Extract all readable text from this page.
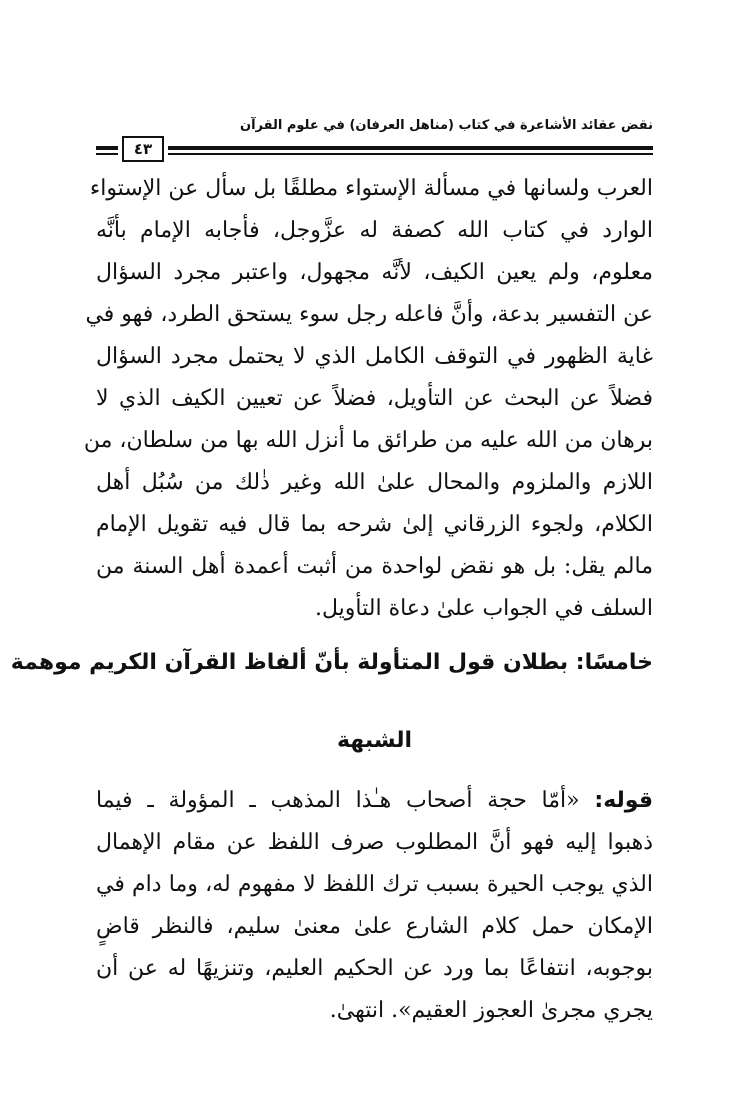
نقض عقائد الأشاعرة في كتاب (مناهل العرفان) في علوم القرآن
٤٣
العرب ولسانها في مسألة الإستواء مطلقًا بل سأل عن الإستواء
الوارد في كتاب الله كصفة له عزَّوجل، فأجابه الإمام بأنَّه
معلوم، ولم يعين الكيف، لأنَّه مجهول، واعتبر مجرد السؤال
عن التفسير بدعة، وأنَّ فاعله رجل سوء يستحق الطرد، فهو في
غاية الظهور في التوقف الكامل الذي لا يحتمل مجرد السؤال
فضلاً عن البحث عن التأويل، فضلاً عن تعيين الكيف الذي لا
برهان من الله عليه من طرائق ما أنزل الله بها من سلطان، من
اللازم والملزوم والمحال علىٰ الله وغير ذٰلك من سُبُل أهل
الكلام، ولجوء الزرقاني إلىٰ شرحه بما قال فيه تقويل الإمام
مالم يقل: بل هو نقض لواحدة من أثبت أعمدة أهل السنة من
السلف في الجواب علىٰ دعاة التأويل.
خامسًا: بطلان قول المتأولة بأنّ ألفاظ القرآن الكريم موهمة
الشبهة
قوله: «أمّا حجة أصحاب هـٰذا المذهب ـ المؤولة ـ فيما
ذهبوا إليه فهو أنَّ المطلوب صرف اللفظ عن مقام الإهمال
الذي يوجب الحيرة بسبب ترك اللفظ لا مفهوم له، وما دام في
الإمكان حمل كلام الشارع علىٰ معنىٰ سليم، فالنظر قاضٍ
بوجوبه، انتفاعًا بما ورد عن الحكيم العليم، وتنزيهًا له عن أن
يجري مجرىٰ العجوز العقيم». انتهىٰ.
